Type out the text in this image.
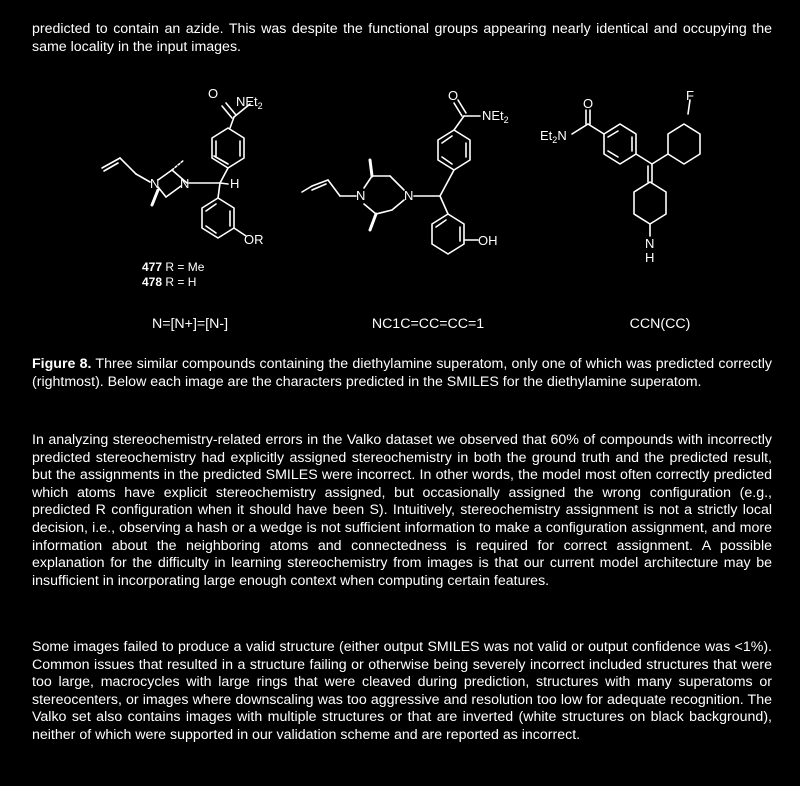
predicted to contain an azide. This was despite the functional groups appearing nearly identical and occupying the same locality in the input images.

O
NEt$_2$
N N	H
OR
477 R = Me
478 R = H
O
NEt$_2$
N	N
OH
O
F
$Et_2N$
N
H
N=[N+]=[N-]	NC1C=CC=CC=1	CCN(CC)

Figure 8. Three similar compounds containing the diethylamine superatom, only one of which was predicted correctly (rightmost). Below each image are the characters predicted in the SMILES for the diethylamine superatom.

In analyzing stereochemistry-related errors in the Valko dataset we observed that 60% of compounds with incorrectly predicted stereochemistry had explicitly assigned stereochemistry in both the ground truth and the predicted result, but the assignments in the predicted SMILES were incorrect. In other words, the model most often correctly predicted which atoms have explicit stereochemistry assigned, but occasionally assigned the wrong configuration (e.g., predicted R configuration when it should have been S). Intuitively, stereochemistry assignment is not a strictly local decision, i.e., observing a hash or a wedge is not sufficient information to make a configuration assignment, and more information about the neighboring atoms and connectedness is required for correct assignment. A possible explanation for the difficulty in learning stereochemistry from images is that our current model architecture may be insufficient in incorporating large enough context when computing certain features.

Some images failed to produce a valid structure (either output SMILES was not valid or output confidence was <1%). Common issues that resulted in a structure failing or otherwise being severely incorrect included structures that were too large, macrocycles with large rings that were cleaved during prediction, structures with many superatoms or stereocenters, or images where downscaling was too aggressive and resolution too low for adequate recognition. The Valko set also contains images with multiple structures or that are inverted (white structures on black background), neither of which were supported in our validation scheme and are reported as incorrect.
